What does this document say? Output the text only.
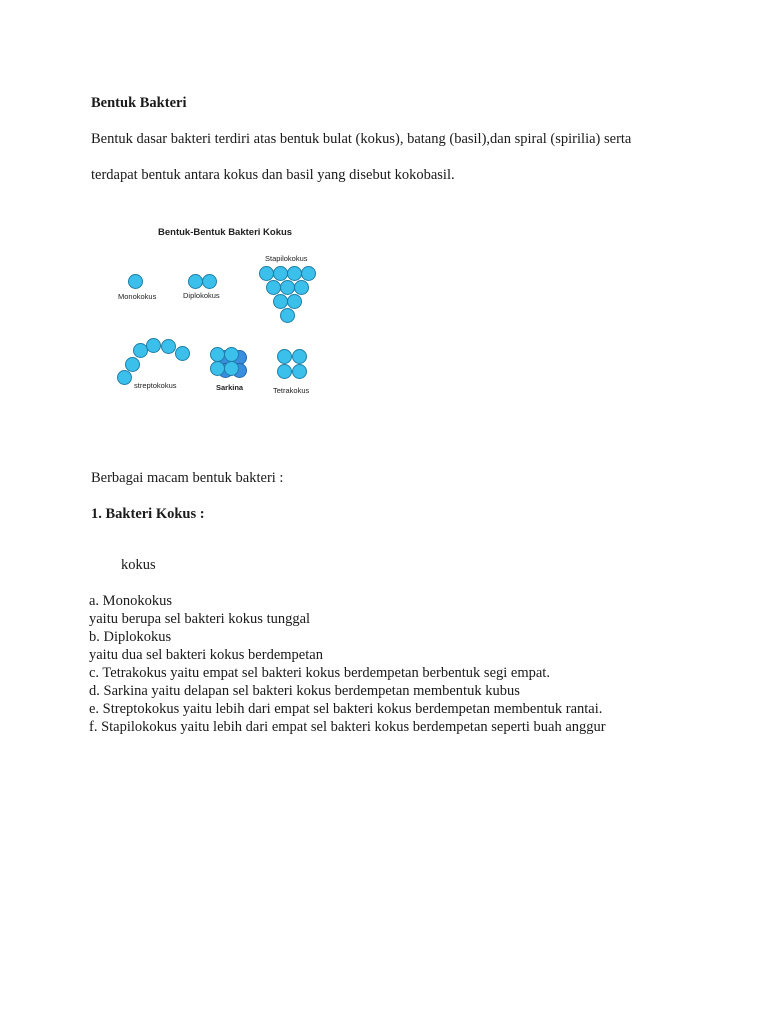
Bentuk Bakteri
Bentuk dasar bakteri terdiri atas bentuk bulat (kokus), batang (basil),dan spiral (spirilia) serta
terdapat bentuk antara kokus dan basil yang disebut kokobasil.
Bentuk-Bentuk Bakteri Kokus
Monokokus	Diplokokus
Stapilokokus
streptokokus	Sarkina	Tetrakokus
Berbagai macam bentuk bakteri :
1. Bakteri Kokus :
kokus
a. Monokokus
yaitu berupa sel bakteri kokus tunggal
b. Diplokokus
yaitu dua sel bakteri kokus berdempetan
c. Tetrakokus yaitu empat sel bakteri kokus berdempetan berbentuk segi empat.
d. Sarkina yaitu delapan sel bakteri kokus berdempetan membentuk kubus
e. Streptokokus yaitu lebih dari empat sel bakteri kokus berdempetan membentuk rantai.
f. Stapilokokus yaitu lebih dari empat sel bakteri kokus berdempetan seperti buah anggur
